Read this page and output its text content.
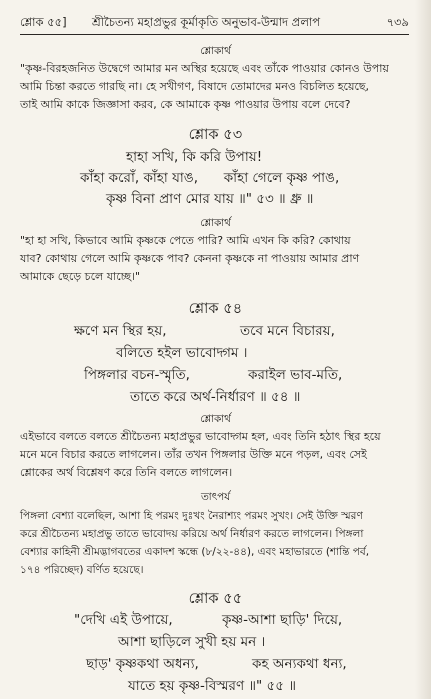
শ্লোক ৫৫] শ্রীচৈতন্য মহাপ্রভুর কূর্মাকৃতি অনুভাব-উন্মাদ প্রলাপ	৭৩৯
শ্লোকার্থ
"কৃষ্ণ-বিরহজনিত উদ্বেগে আমার মন অস্থির হয়েছে এবং তাঁকে পাওয়ার কোনও উপায়
আমি চিন্তা করতে গারছি না। হে সখীগণ, বিষাদে তোমাদের মনও বিচলিত হয়েছে,
তাই আমি কাকে জিজ্ঞাসা করব, কে আমাকে কৃষ্ণ পাওয়ার উপায় বলে দেবে?
শ্লোক ৫৩
হাহা সখি, কি করি উপায়!
কাঁহা করোঁ, কাঁহা যাঙ,      কাঁহা গেলে কৃষ্ণ পাঙ,
কৃষ্ণ বিনা প্রাণ মোর যায় ॥" ৫৩ ॥ ধ্রু ॥
শ্লোকার্থ
"হা হা সখি, কিভাবে আমি কৃষ্ণকে পেতে পারি? আমি এখন কি করি? কোথায়
যাব? কোথায় গেলে আমি কৃষ্ণকে পাব? কেননা কৃষ্ণকে না পাওয়ায় আমার প্রাণ
আমাকে ছেড়ে চলে যাচ্ছে।"
শ্লোক ৫৪
ক্ষণে মন স্থির হয়,	তবে মনে বিচারয়,
বলিতে হইল ভাবোদ্গম ।
পিঙ্গলার বচন-স্মৃতি,	করাইল ভাব-মতি,
তাতে করে অর্থ-নির্ধারণ ॥ ৫৪ ॥
শ্লোকার্থ
এইভাবে বলতে বলতে শ্রীচৈতন্য মহাপ্রভুর ভাবোদ্গম হল, এবং তিনি হঠাৎ স্থির হয়ে
মনে মনে বিচার করতে লাগলেন। তাঁর তখন পিঙ্গলার উক্তি মনে পড়ল, এবং সেই
শ্লোকের অর্থ বিশ্লেষণ করে তিনি বলতে লাগলেন।
তাৎপর্য
পিঙ্গলা বেশ্যা বলেছিল, আশা হি পরমং দুঃখং নৈরাশ্যং পরমং সুখং। সেই উক্তি স্মরণ
করে শ্রীচৈতন্য মহাপ্রভু তাতে ভাবোদয় করিয়ে অর্থ নির্ধারণ করতে লাগলেন। পিঙ্গলা
বেশ্যার কাহিনী শ্রীমদ্ভাগবতের একাদশ স্কন্ধে (৮/২২-৪৪), এবং মহাভারতে (শান্তি পর্ব,
১৭৪ পরিচ্ছেদ) বর্ণিত হয়েছে।
শ্লোক ৫৫
"দেখি এই উপায়ে,	কৃষ্ণ-আশা ছাড়ি' দিয়ে,
আশা ছাড়িলে সুখী হয় মন ।
ছাড়' কৃষ্ণকথা অধন্য,	কহ অন্যকথা ধন্য,
যাতে হয় কৃষ্ণ-বিস্মরণ ॥" ৫৫ ॥
